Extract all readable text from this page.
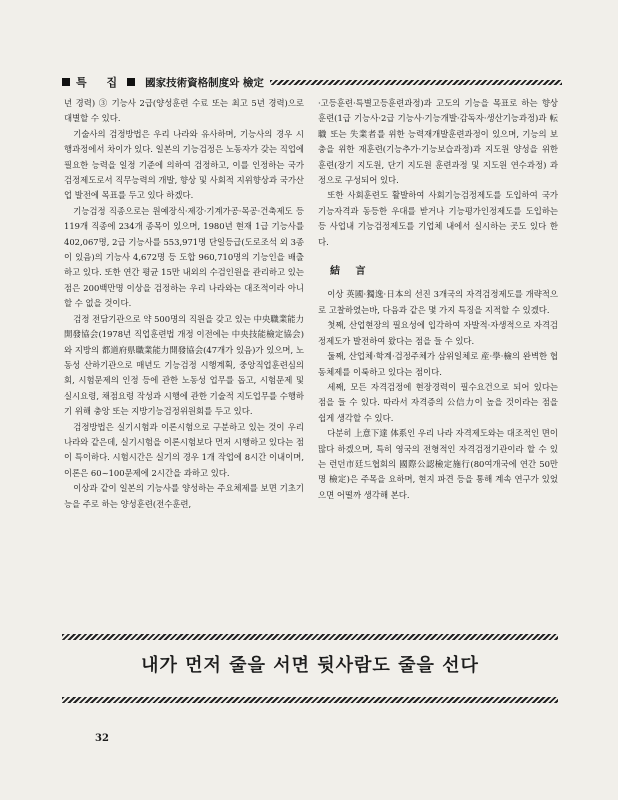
특 집 國家技術資格制度와 檢定

년 경력) ③ 기능사 2급(양성훈련 수료 또는 최고 5년 경력)으로 대별할 수 있다.

기술사의 검정방법은 우리 나라와 유사하며, 기능사의 경우 시행과정에서 차이가 있다. 일본의 기능검정은 노동자가 갖는 직업에 필요한 능력을 일정 기준에 의하여 검정하고, 이를 인정하는 국가검정제도로서 직무능력의 개발, 향상 및 사회적 지위향상과 국가산업 발전에 목표를 두고 있다 하겠다.

기능검정 직종으로는 원예장식·제강·기계가공·목공·건축제도 등 119개 직종에 234개 종목이 있으며, 1980년 현재 1급 기능사를 402,067명, 2급 기능사를 553,971명 단일등급(도로조석 외 3종이 있음)의 기능사 4,672명 등 도합 960,710명의 기능인을 배출하고 있다. 또한 연간 평균 15만 내외의 수검인원을 관리하고 있는 점은 200백만명 이상을 검정하는 우리 나라와는 대조적이라 아니 할 수 없을 것이다.

검정 전담기관으로 약 500명의 직원을 갖고 있는 中央職業能力開發協会(1978년 직업훈련법 개정 이전에는 中央技能檢定協会)와 지방의 都道府県職業能力開發協会(47개가 있음)가 있으며, 노동성 산하기관으로 매년도 기능검정 시행계획, 중앙직업훈련심의회, 시험문제의 인정 등에 관한 노동성 업무를 돕고, 시험문제 및 실시요령, 채점요령 작성과 시행에 관한 기술적 지도업무를 수행하기 위해 충앙 또는 지방기능검정위원회를 두고 있다.

검정방법은 실기시험과 이론시험으로 구분하고 있는 것이 우리 나라와 같은데, 실기시험을 이론시험보다 먼저 시행하고 있다는 점이 특이하다. 시험시간은 실기의 경우 1개 작업에 8시간 이내이며, 이론은 60~100문제에 2시간을 과하고 있다.

이상과 같이 일본의 기능사를 양성하는 주요체제를 보면 기초기능을 주로 하는 양성훈련(전수훈련,

·고등훈련·특별고등훈련과정)과 고도의 기능을 목표로 하는 향상훈련(1급 기능사·2급 기능사·기능개발·감독자·생산기능과정)과 転職 또는 失業者를 위한 능력재개발훈련과정이 있으며, 기능의 보충을 위한 재훈련(기능추가·기능보습과정)과 지도원 양성을 위한 훈련(장기 지도원, 단기 지도원 훈련과정 및 지도원 연수과정) 과정으로 구성되어 있다.

또한 사회훈련도 활발하여 사회기능검정제도를 도입하여 국가기능자격과 동등한 우대를 받거나 기능평가인정제도를 도입하는 등 사업내 기능검정제도를 기업체 내에서 실시하는 곳도 있다 한다.

結 言

이상 英國·獨逸·日本의 선진 3개국의 자격검정제도를 개략적으로 고찰하였는바, 다음과 같은 몇 가지 특징을 지적할 수 있겠다.

첫째, 산업현장의 필요성에 입각하여 자발적·자생적으로 자격검정제도가 발전하여 왔다는 점을 들 수 있다.

둘째, 산업체·학계·검정주체가 삼위일체로 産·學·檢의 완벽한 협동체제를 이룩하고 있다는 점이다.

세째, 모든 자격검정에 현장경력이 필수요건으로 되어 있다는 점을 들 수 있다. 따라서 자격증의 公信力이 높을 것이라는 점을 쉽게 생각할 수 있다.

다분히 上意下達 体系인 우리 나라 자격제도와는 대조적인 면이 많다 하겠으며, 특히 영국의 전형적인 자격검정기관이라 할 수 있는 런던市廷드협회의 國際公認檢定施行(80여개국에 연간 50만명 檢定)은 주목을 요하며, 현지 파견 등을 통해 계속 연구가 있었으면 어떨까 생각해 본다.

내가 먼저 줄을 서면 뒷사람도 줄을 선다
32
